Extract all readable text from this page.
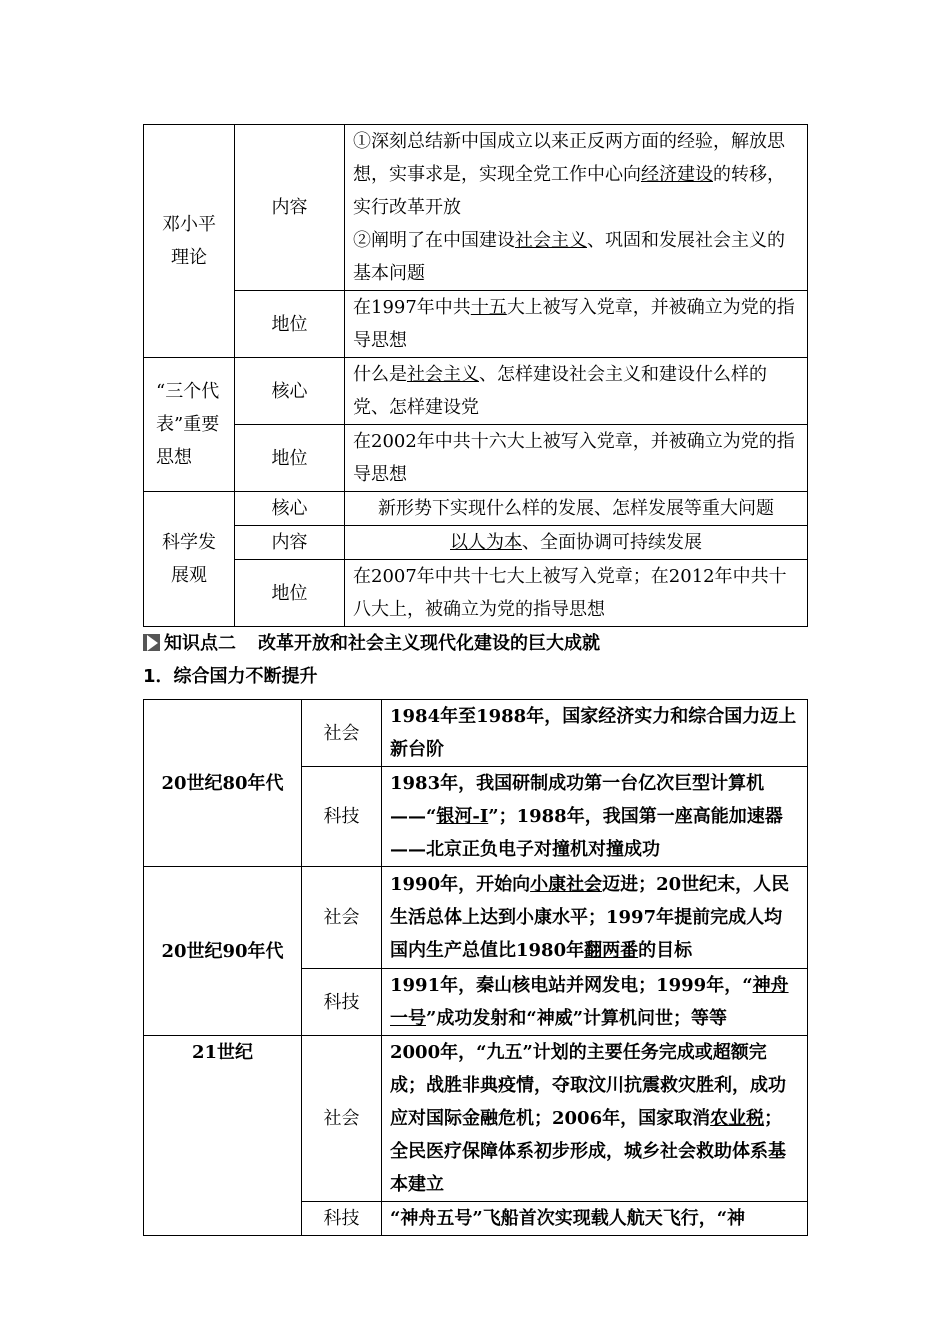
邓小平
理论	内容	①深刻总结新中国成立以来正反两方面的经验，解放思想，实事求是，实现全党工作中心向经济建设的转移，实行改革开放
②阐明了在中国建设社会主义、巩固和发展社会主义的基本问题
	地位	在1997年中共十五大上被写入党章，并被确立为党的指导思想
“三个代表”重要思想	核心	什么是社会主义、怎样建设社会主义和建设什么样的党、怎样建设党
	地位	在2002年中共十六大上被写入党章，并被确立为党的指导思想
科学发
展观	核心	新形势下实现什么样的发展、怎样发展等重大问题
	内容	以人为本、全面协调可持续发展
	地位	在2007年中共十七大上被写入党章；在2012年中共十八大上，被确立为党的指导思想

知识点二 改革开放和社会主义现代化建设的巨大成就

1．综合国力不断提升

20世纪80年代	社会	1984年至1988年，国家经济实力和综合国力迈上新台阶
	科技	1983年，我国研制成功第一台亿次巨型计算机——“银河-Ⅰ”；1988年，我国第一座高能加速器——北京正负电子对撞机对撞成功
20世纪90年代	社会	1990年，开始向小康社会迈进；20世纪末，人民生活总体上达到小康水平；1997年提前完成人均国内生产总值比1980年翻两番的目标
	科技	1991年，秦山核电站并网发电；1999年，“神舟一号”成功发射和“神威”计算机问世；等等
21世纪	社会	2000年，“九五”计划的主要任务完成或超额完成；战胜非典疫情，夺取汶川抗震救灾胜利，成功应对国际金融危机；2006年，国家取消农业税；全民医疗保障体系初步形成，城乡社会救助体系基本建立
	科技	“神舟五号”飞船首次实现载人航天飞行，“神
